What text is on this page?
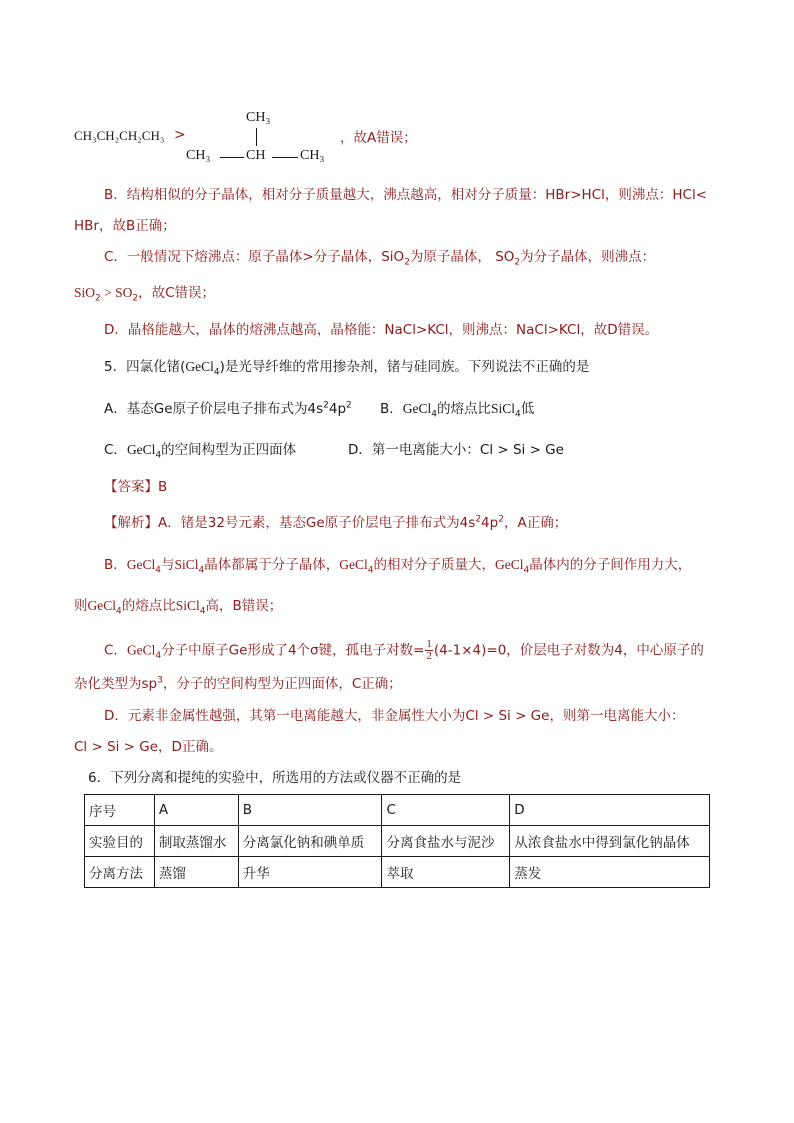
CH₃CH₂CH₂CH₃ >
CH₃
CH₃	CH CH₃
，故A错误；
B．结构相似的分子晶体，相对分子质量越大，沸点越高，相对分子质量：HBr>HCl，则沸点：HCl<
HBr，故B正确；
C．一般情况下熔沸点：原子晶体>分子晶体，SiO$_2$为原子晶体， $SO_2$为分子晶体，则沸点：
$SiO_2 > SO_2$，故C错误；
D．晶格能越大，晶体的熔沸点越高，晶格能：NaCl>KCl，则沸点：NaCl>KCl，故D错误。
5．四氯化锗(GeCl$_4$)是光导纤维的常用掺杂剂，锗与硅同族。下列说法不正确的是
A．基态Ge原子价层电子排布式为$4s^24p^2$ B．GeCl$_4$的熔点比SiCl$_4$低
C．GeCl$_4$的空间构型为正四面体	D．第一电离能大小：Cl > Si > Ge
【答案】B
【解析】A．锗是32号元素，基态Ge原子价层电子排布式为$4s^24p^2$，A正确；
B．GeCl$_4$与SiCl$_4$晶体都属于分子晶体，GeCl$_4$的相对分子质量大，GeCl$_4$晶体内的分子间作用力大，
则GeCl$_4$的熔点比SiCl$_4$高，B错误；
C．GeCl$_4$分子中原子Ge形成了4个σ键，孤电子对数= $\frac{1}{2} (4-1\times 4)=0$，价层电子对数为4，中心原子的
杂化类型为$sp^3$，分子的空间构型为正四面体，C正确；
D．元素非金属性越强，其第一电离能越大，非金属性大小为Cl > Si > Ge，则第一电离能大小：
Cl > Si > Ge，D正确。
6．下列分离和提纯的实验中，所选用的方法或仪器不正确的是
序号	A	B	C	D
实验目的	制取蒸馏水	分离氯化钠和碘单质	分离食盐水与泥沙	从浓食盐水中得到氯化钠晶体
分离方法	蒸馏	升华	萃取	蒸发
